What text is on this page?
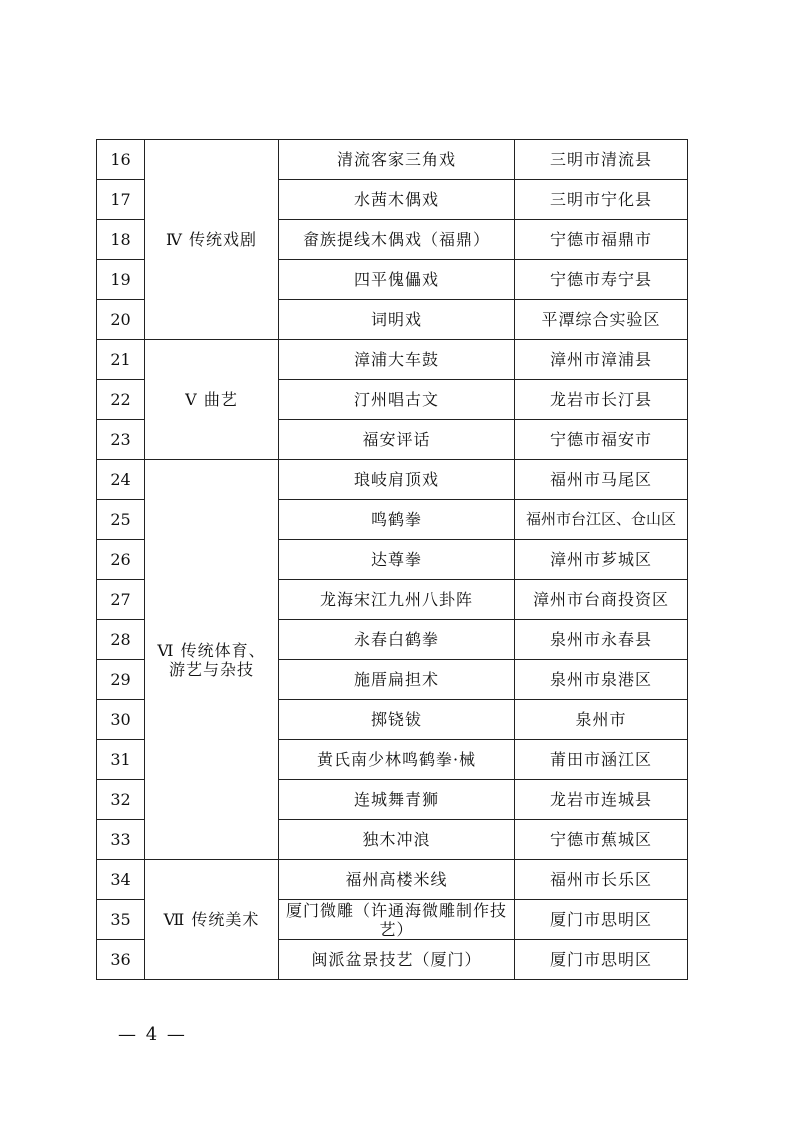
16	Ⅳ 传统戏剧	清流客家三角戏	三明市清流县
17		水茜木偶戏	三明市宁化县
18		畲族提线木偶戏（福鼎）	宁德市福鼎市
19		四平傀儡戏	宁德市寿宁县
20		词明戏	平潭综合实验区
21	Ⅴ 曲艺	漳浦大车鼓	漳州市漳浦县
22		汀州唱古文	龙岩市长汀县
23		福安评话	宁德市福安市
24	Ⅵ 传统体育、游艺与杂技	琅岐肩顶戏	福州市马尾区
25		鸣鹤拳	福州市台江区、仓山区
26		达尊拳	漳州市芗城区
27		龙海宋江九州八卦阵	漳州市台商投资区
28		永春白鹤拳	泉州市永春县
29		施厝扁担术	泉州市泉港区
30		掷铙钹	泉州市
31		黄氏南少林鸣鹤拳·械	莆田市涵江区
32		连城舞青狮	龙岩市连城县
33		独木冲浪	宁德市蕉城区
34	Ⅶ 传统美术	福州高楼米线	福州市长乐区
35		厦门微雕（许通海微雕制作技艺）	厦门市思明区
36		闽派盆景技艺（厦门）	厦门市思明区
— 4 —
